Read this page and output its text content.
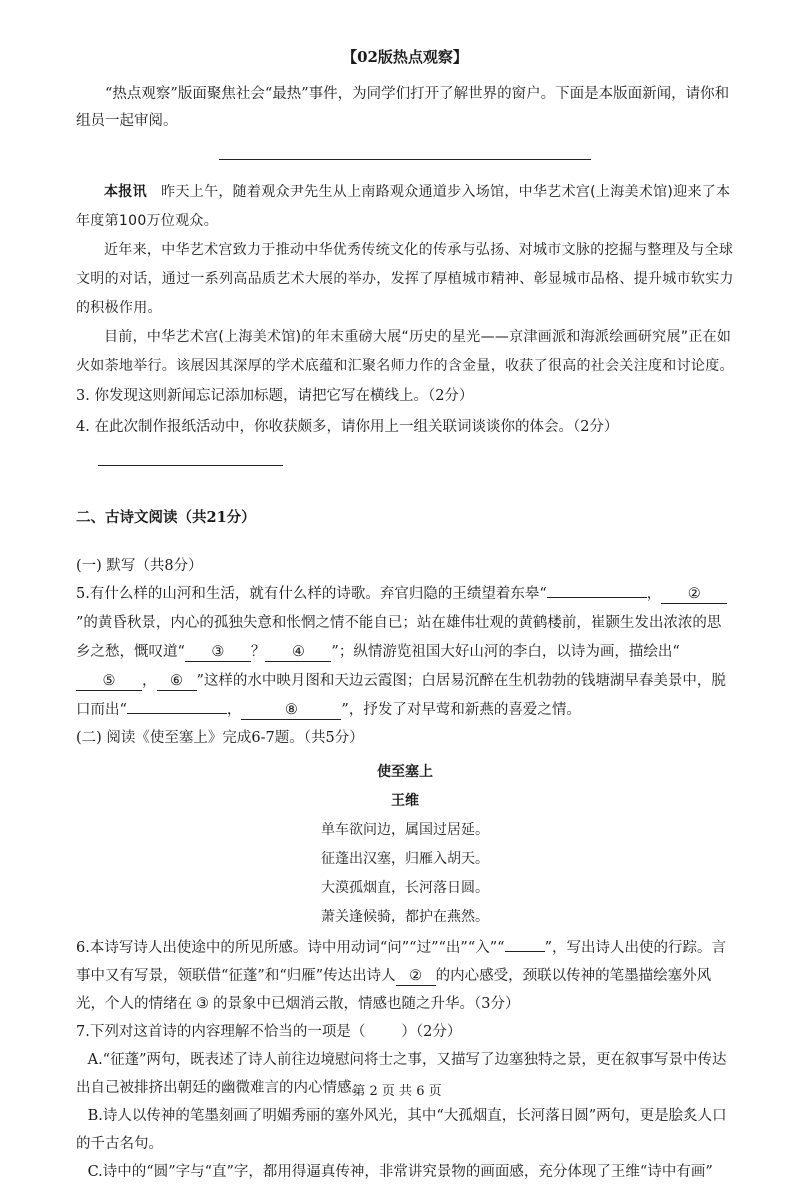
【02版热点观察】

“热点观察”版面聚焦社会“最热”事件，为同学们打开了解世界的窗户。下面是本版面新闻，请你和组员一起审阅。

本报讯 昨天上午，随着观众尹先生从上南路观众通道步入场馆，中华艺术宫(上海美术馆)迎来了本年度第100万位观众。

近年来，中华艺术宫致力于推动中华优秀传统文化的传承与弘扬、对城市文脉的挖掘与整理及与全球文明的对话，通过一系列高品质艺术大展的举办，发挥了厚植城市精神、彰显城市品格、提升城市软实力的积极作用。

目前，中华艺术宫(上海美术馆)的年末重磅大展“历史的星光——京津画派和海派绘画研究展”正在如火如荼地举行。该展因其深厚的学术底蕴和汇聚名师力作的含金量，收获了很高的社会关注度和讨论度。

3. 你发现这则新闻忘记添加标题，请把它写在横线上。（2分）

4. 在此次制作报纸活动中，你收获颇多，请你用上一组关联词谈谈你的体会。（2分）

二、古诗文阅读（共21分）
(一) 默写（共8分）

5.有什么样的山河和生活，就有什么样的诗歌。弃官归隐的王绩望着东皋“	， ②”的黄昏秋景，内心的孤独失意和怅惘之情不能自已；站在雄伟壮观的黄鹤楼前，崔颢生发出浓浓的思乡之愁，慨叹道“ ③ ？ ④ ”；纵情游览祖国大好山河的李白，以诗为画，描绘出“⑤ ， ⑥ ”这样的水中映月图和天边云霞图；白居易沉醉在生机勃勃的钱塘湖早春美景中，脱口而出“	，	⑧	”，抒发了对早莺和新燕的喜爱之情。

(二) 阅读《使至塞上》完成6-7题。（共5分）
使至塞上
王维
单车欲问边，属国过居延。
征蓬出汉塞，归雁入胡天。
大漠孤烟直，长河落日圆。
萧关逢候骑，都护在燕然。

6.本诗写诗人出使途中的所见所感。诗中用动词“问”“过”“出”“入”“	”，写出诗人出使的行踪。言事中又有写景，领联借“征蓬”和“归雁”传达出诗人 ② 的内心感受，颈联以传神的笔墨描绘塞外风光，个人的情绪在 ③ 的景象中已烟消云散，情感也随之升华。（3分）

7.下列对这首诗的内容理解不恰当的一项是（ ）（2分）

A.“征蓬”两句，既表述了诗人前往边境慰问将士之事，又描写了边塞独特之景，更在叙事写景中传达出自己被排挤出朝廷的幽微难言的内心情感。

B.诗人以传神的笔墨刻画了明媚秀丽的塞外风光，其中“大孤烟直，长河落日圆”两句，更是脍炙人口的千古名句。

C.诗中的“圆”字与“直”字，都用得逼真传神，非常讲究景物的画面感，充分体现了王维“诗中有画”

第 2 页 共 6 页
